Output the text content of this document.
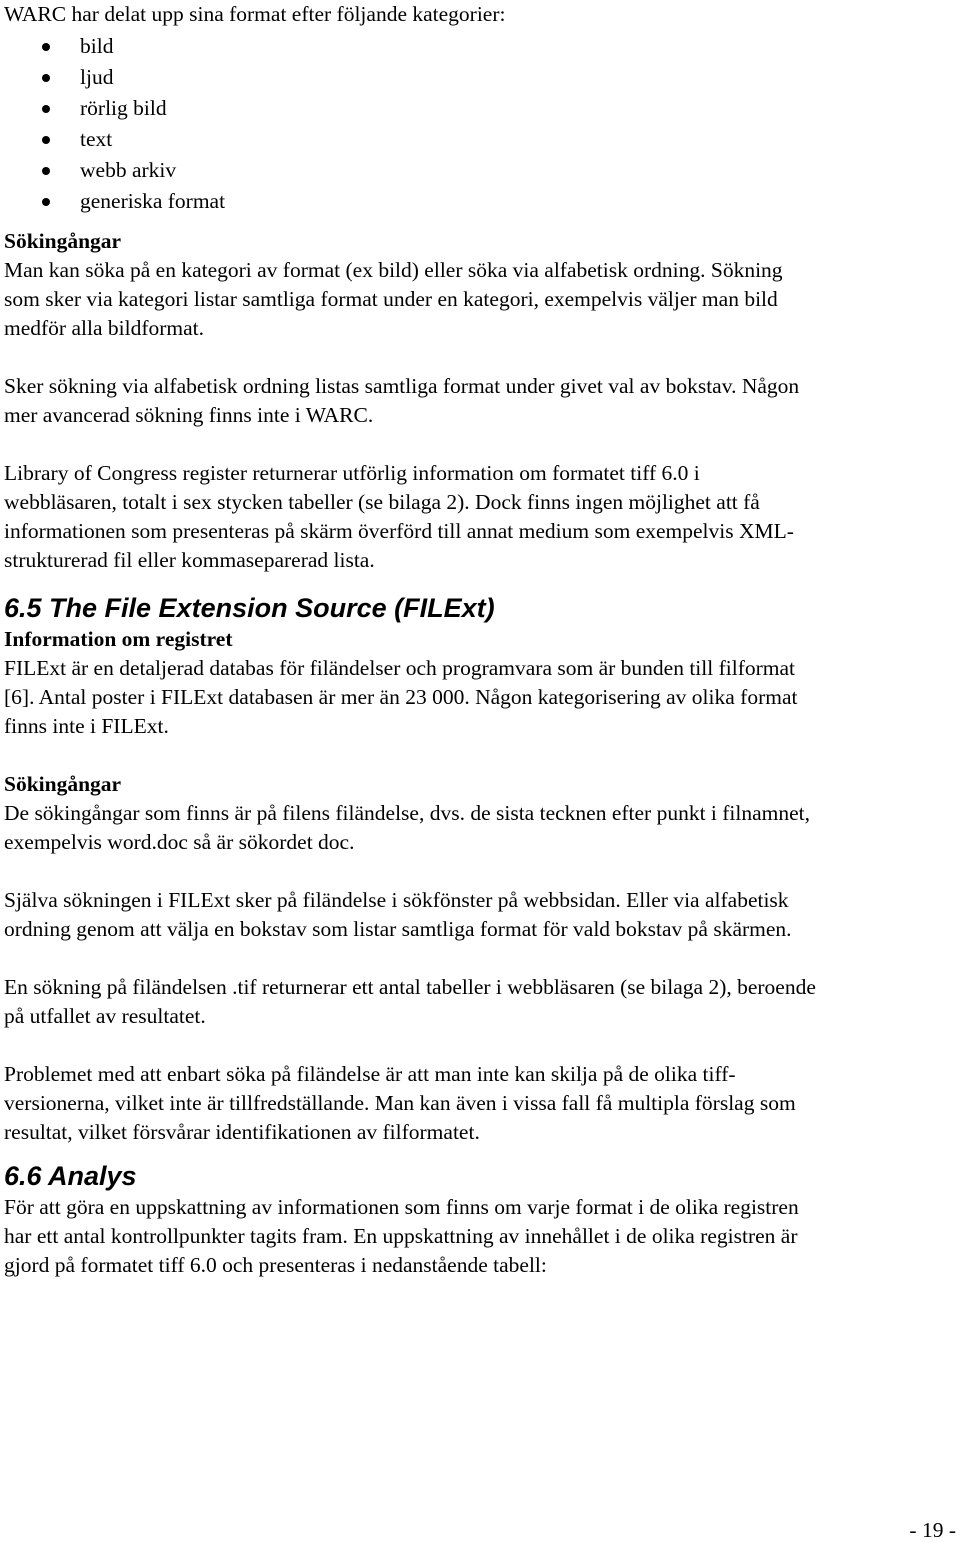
WARC har delat upp sina format efter följande kategorier:

bild
ljud
rörlig bild
text
webb arkiv
generiska format

Sökingångar

Man kan söka på en kategori av format (ex bild) eller söka via alfabetisk ordning. Sökning

som sker via kategori listar samtliga format under en kategori, exempelvis väljer man bild

medför alla bildformat.

Sker sökning via alfabetisk ordning listas samtliga format under givet val av bokstav. Någon

mer avancerad sökning finns inte i WARC.

Library of Congress register returnerar utförlig information om formatet tiff 6.0 i

webbläsaren, totalt i sex stycken tabeller (se bilaga 2). Dock finns ingen möjlighet att få

informationen som presenteras på skärm överförd till annat medium som exempelvis XML-

strukturerad fil eller kommaseparerad lista.

6.5 The File Extension Source (FILExt)

Information om registret

FILExt är en detaljerad databas för filändelser och programvara som är bunden till filformat

[6]. Antal poster i FILExt databasen är mer än 23 000. Någon kategorisering av olika format

finns inte i FILExt.

Sökingångar

De sökingångar som finns är på filens filändelse, dvs. de sista tecknen efter punkt i filnamnet,

exempelvis word.doc så är sökordet doc.

Själva sökningen i FILExt sker på filändelse i sökfönster på webbsidan. Eller via alfabetisk

ordning genom att välja en bokstav som listar samtliga format för vald bokstav på skärmen.

En sökning på filändelsen .tif returnerar ett antal tabeller i webbläsaren (se bilaga 2), beroende

på utfallet av resultatet.

Problemet med att enbart söka på filändelse är att man inte kan skilja på de olika tiff-

versionerna, vilket inte är tillfredställande. Man kan även i vissa fall få multipla förslag som

resultat, vilket försvårar identifikationen av filformatet.

6.6 Analys

För att göra en uppskattning av informationen som finns om varje format i de olika registren

har ett antal kontrollpunkter tagits fram. En uppskattning av innehållet i de olika registren är

gjord på formatet tiff 6.0 och presenteras i nedanstående tabell:

- 19 -
